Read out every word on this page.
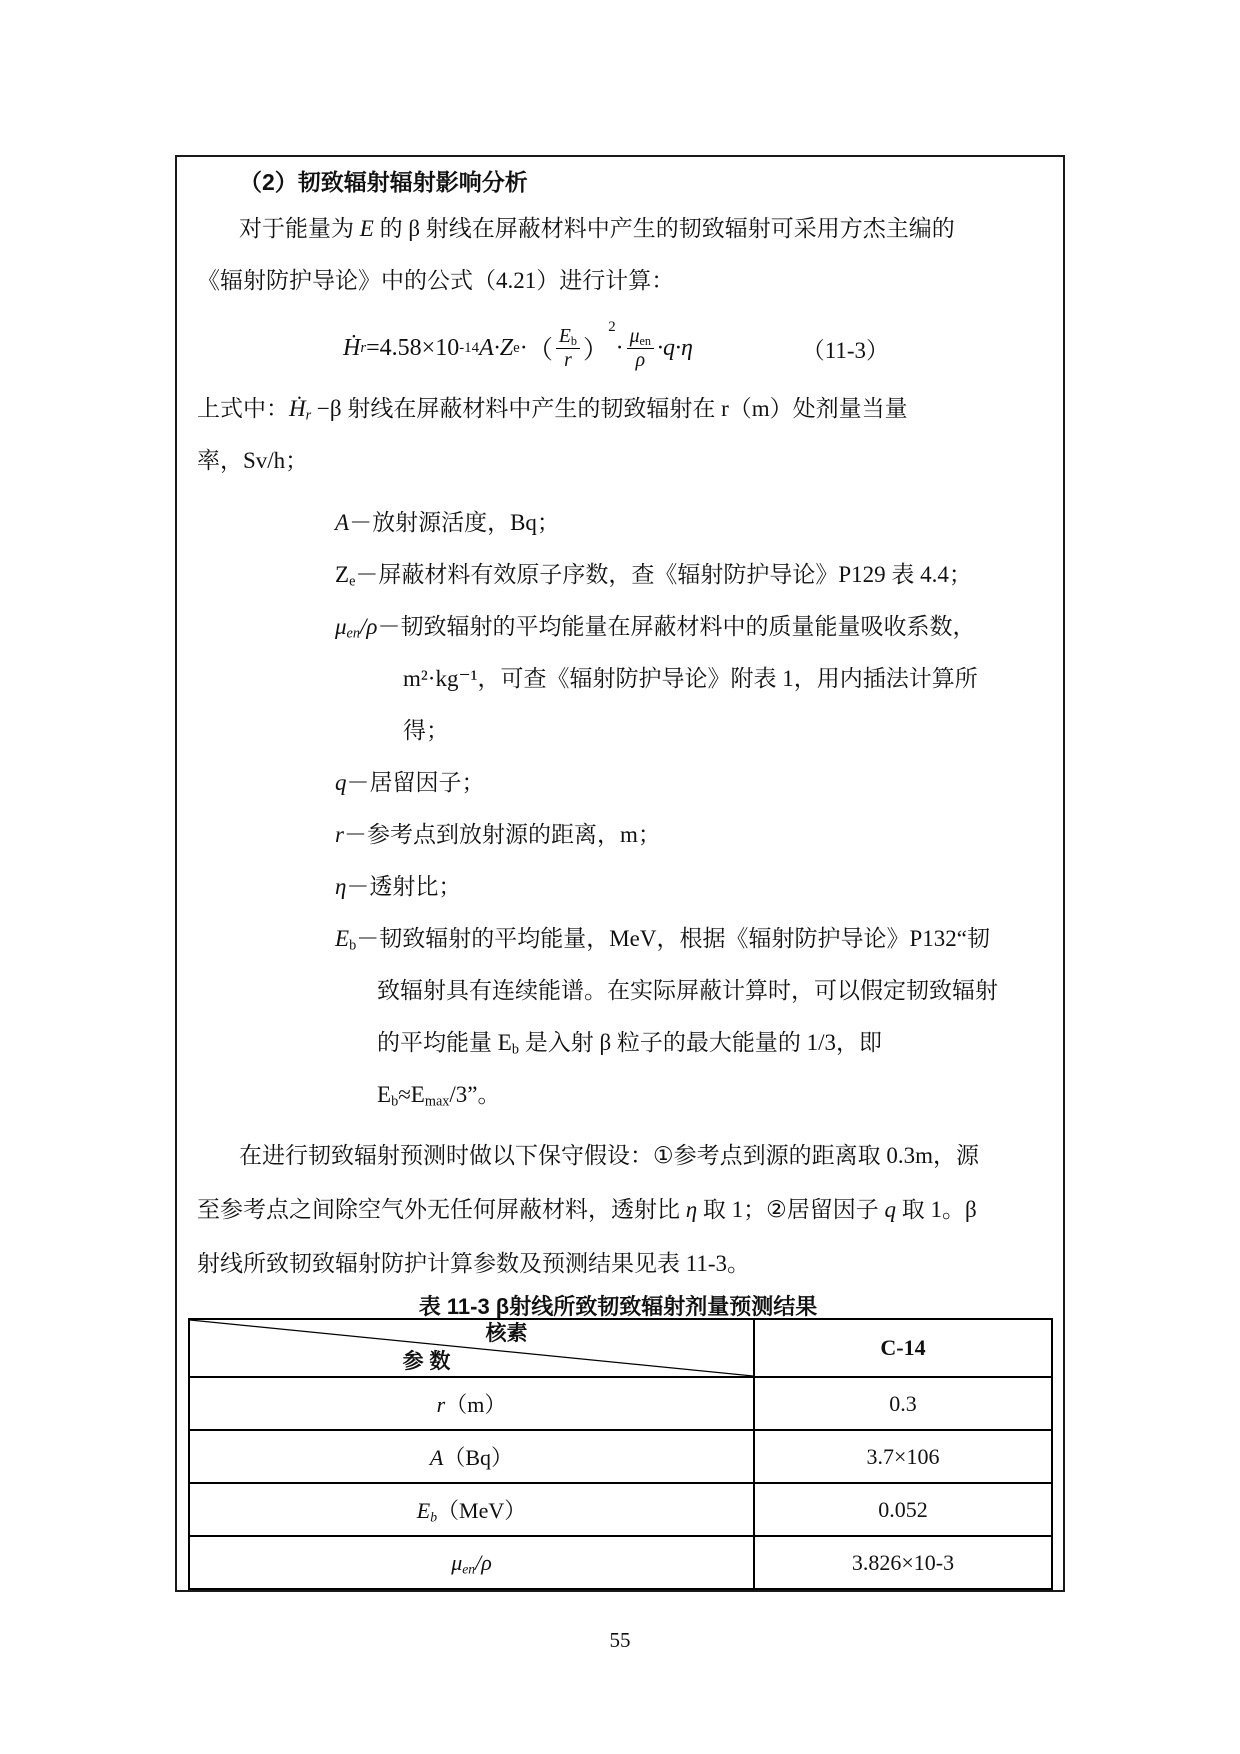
（2）韧致辐射辐射影响分析
对于能量为 E 的 β 射线在屏蔽材料中产生的韧致辐射可采用方杰主编的
《辐射防护导论》中的公式（4.21）进行计算：
Ḣ r =4.58×10 -14 A·Z e · （ $\frac{E_b}{r}$ ）
2
· $\frac{\mu_{en}}{\rho} \cdot q\cdot\eta$	（11-3）
上式中：Ḣ$_r$ −β 射线在屏蔽材料中产生的韧致辐射在 r（m）处剂量当量
率，Sv/h；
A－放射源活度，Bq；
$Z_e-$屏蔽材料有效原子序数，查《辐射防护导论》P129 表 4.4；
$\mu_{en}/\rho-$韧致辐射的平均能量在屏蔽材料中的质量能量吸收系数，
m²·kg⁻¹，可查《辐射防护导论》附表 1，用内插法计算所
得；
q－居留因子；
r－参考点到放射源的距离，m；
η－透射比；
$E_b-$韧致辐射的平均能量，MeV，根据《辐射防护导论》P132“韧
致辐射具有连续能谱。在实际屏蔽计算时，可以假定韧致辐射
的平均能量 $E_b$ 是入射 β 粒子的最大能量的 1/3，即
$E_b\approx E_{max}/3$”。
在进行韧致辐射预测时做以下保守假设：①参考点到源的距离取 0.3m，源
至参考点之间除空气外无任何屏蔽材料，透射比 η 取 1；②居留因子 q 取 1。β
射线所致韧致辐射防护计算参数及预测结果见表 11-3。
表 11-3 β射线所致韧致辐射剂量预测结果
核素
参 数	C-14
r（m）	0.3
A（Bq）	3.7×106
$E_b(MeV)$	0.052
$\mu_{en}/\rho$	3.826×10-3
55
